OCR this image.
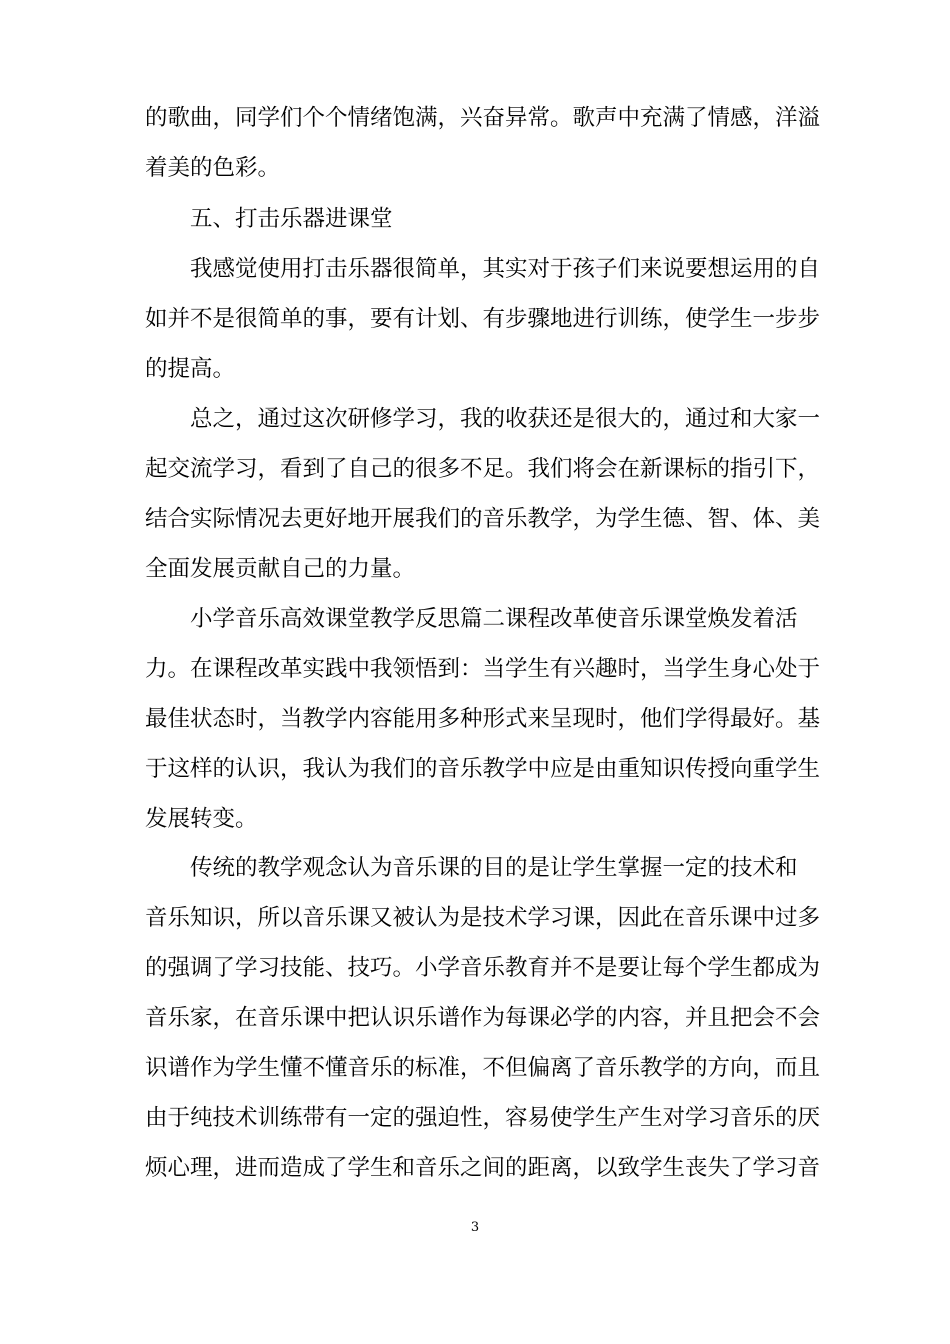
的歌曲，同学们个个情绪饱满，兴奋异常。歌声中充满了情感，洋溢
着美的色彩。
五、打击乐器进课堂
我感觉使用打击乐器很简单，其实对于孩子们来说要想运用的自
如并不是很简单的事，要有计划、有步骤地进行训练，使学生一步步
的提高。
总之，通过这次研修学习，我的收获还是很大的，通过和大家一
起交流学习，看到了自己的很多不足。我们将会在新课标的指引下，
结合实际情况去更好地开展我们的音乐教学，为学生德、智、体、美
全面发展贡献自己的力量。
小学音乐高效课堂教学反思篇二课程改革使音乐课堂焕发着活
力。在课程改革实践中我领悟到：当学生有兴趣时，当学生身心处于
最佳状态时，当教学内容能用多种形式来呈现时，他们学得最好。基
于这样的认识，我认为我们的音乐教学中应是由重知识传授向重学生
发展转变。
传统的教学观念认为音乐课的目的是让学生掌握一定的技术和
音乐知识，所以音乐课又被认为是技术学习课，因此在音乐课中过多
的强调了学习技能、技巧。小学音乐教育并不是要让每个学生都成为
音乐家，在音乐课中把认识乐谱作为每课必学的内容，并且把会不会
识谱作为学生懂不懂音乐的标准，不但偏离了音乐教学的方向，而且
由于纯技术训练带有一定的强迫性，容易使学生产生对学习音乐的厌
烦心理，进而造成了学生和音乐之间的距离，以致学生丧失了学习音
3
